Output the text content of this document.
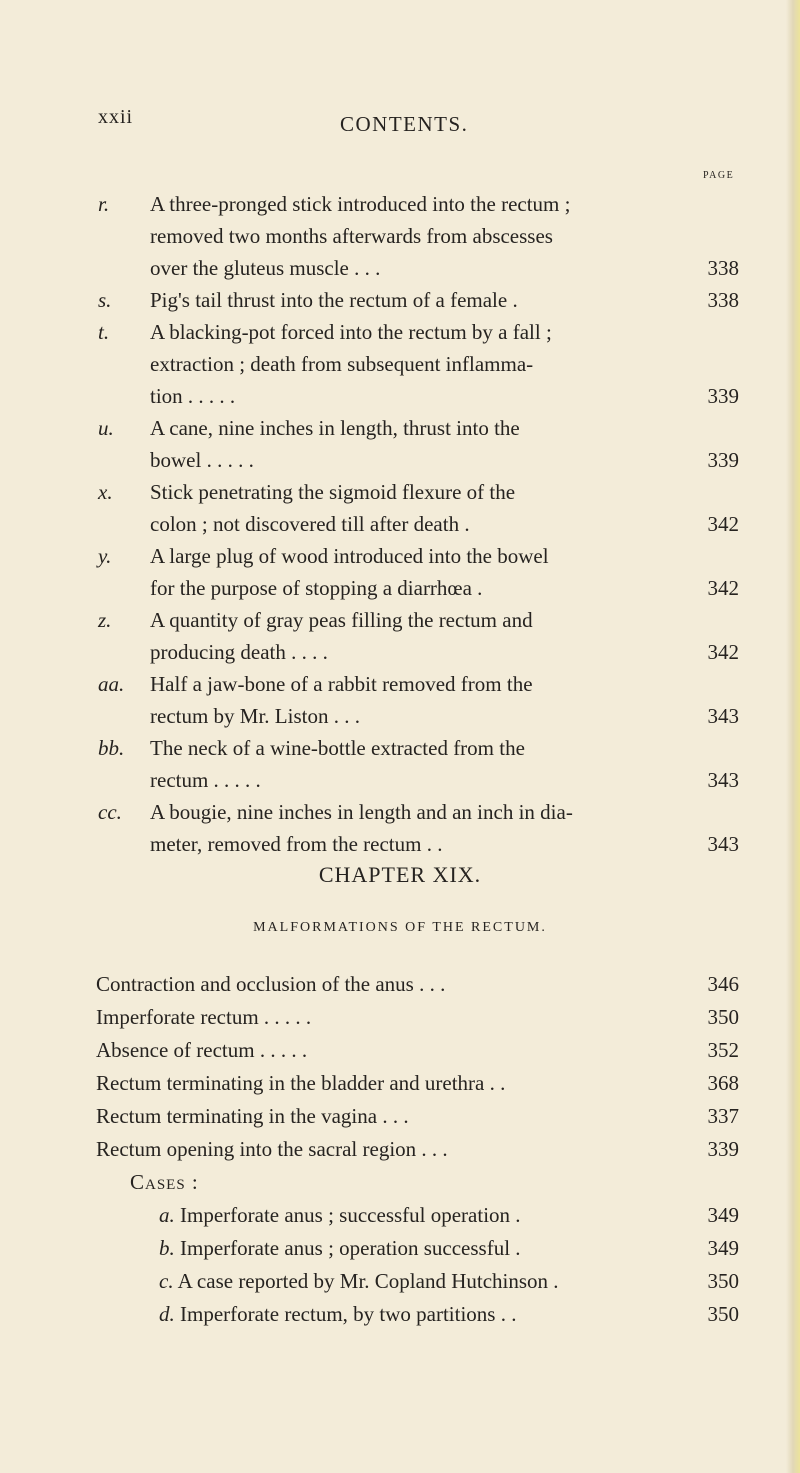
xxii	CONTENTS.
PAGE
r. A three-pronged stick introduced into the rectum ;
removed two months afterwards from abscesses
over the gluteus muscle . . .	338
s. Pig's tail thrust into the rectum of a female .	338
t. A blacking-pot forced into the rectum by a fall ;
extraction ; death from subsequent inflamma-
tion . . . . .	339
u. A cane, nine inches in length, thrust into the
bowel . . . . .	339
x. Stick penetrating the sigmoid flexure of the
colon ; not discovered till after death .	342
y. A large plug of wood introduced into the bowel
for the purpose of stopping a diarrhœa .	342
z. A quantity of gray peas filling the rectum and
producing death . . . .	342
aa. Half a jaw-bone of a rabbit removed from the
rectum by Mr. Liston . . .	343
bb. The neck of a wine-bottle extracted from the
rectum . . . . .	343
cc. A bougie, nine inches in length and an inch in dia-
meter, removed from the rectum . .	343
CHAPTER XIX.
MALFORMATIONS OF THE RECTUM.
Contraction and occlusion of the anus . . .	346
Imperforate rectum . . . . .	350
Absence of rectum . . . . .	352
Rectum terminating in the bladder and urethra . .	368
Rectum terminating in the vagina . . .	337
Rectum opening into the sacral region . . .	339
Cases :
a. Imperforate anus ; successful operation .	349
b. Imperforate anus ; operation successful .	349
c. A case reported by Mr. Copland Hutchinson .	350
d. Imperforate rectum, by two partitions . .	350
